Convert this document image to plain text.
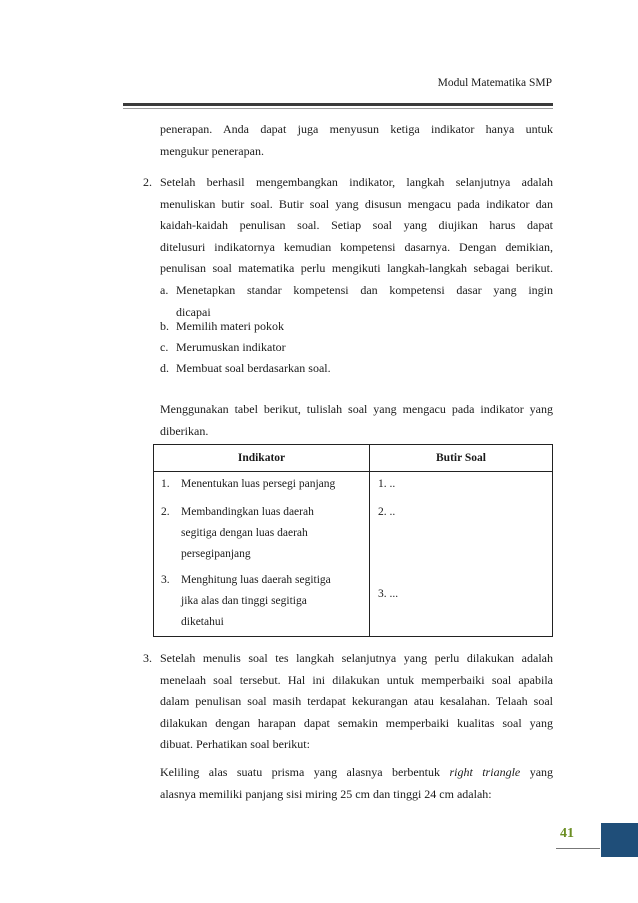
Modul Matematika SMP
penerapan. Anda dapat juga menyusun ketiga indikator hanya untuk
mengukur penerapan.
2. Setelah berhasil mengembangkan indikator, langkah selanjutnya adalah
menuliskan butir soal. Butir soal yang disusun mengacu pada indikator dan
kaidah-kaidah penulisan soal. Setiap soal yang diujikan harus dapat
ditelusuri indikatornya kemudian kompetensi dasarnya. Dengan demikian,
penulisan soal matematika perlu mengikuti langkah-langkah sebagai berikut.
a. Menetapkan standar kompetensi dan kompetensi dasar yang ingin
dicapai
b. Memilih materi pokok
c. Merumuskan indikator
d. Membuat soal berdasarkan soal.
Menggunakan tabel berikut, tulislah soal yang mengacu pada indikator yang
diberikan.
Indikator	Butir Soal

1. Menentukan luas persegi panjang	1. ..

2. Membandingkan luas daerah
segitiga dengan luas daerah
persegipanjang	2. ..

3. Menghitung luas daerah segitiga
jika alas dan tinggi segitiga
diketahui	3. ...
3. Setelah menulis soal tes langkah selanjutnya yang perlu dilakukan adalah
menelaah soal tersebut. Hal ini dilakukan untuk memperbaiki soal apabila
dalam penulisan soal masih terdapat kekurangan atau kesalahan. Telaah soal
dilakukan dengan harapan dapat semakin memperbaiki kualitas soal yang
dibuat. Perhatikan soal berikut:
Keliling alas suatu prisma yang alasnya berbentuk right triangle yang
alasnya memiliki panjang sisi miring 25 cm dan tinggi 24 cm adalah:
41
